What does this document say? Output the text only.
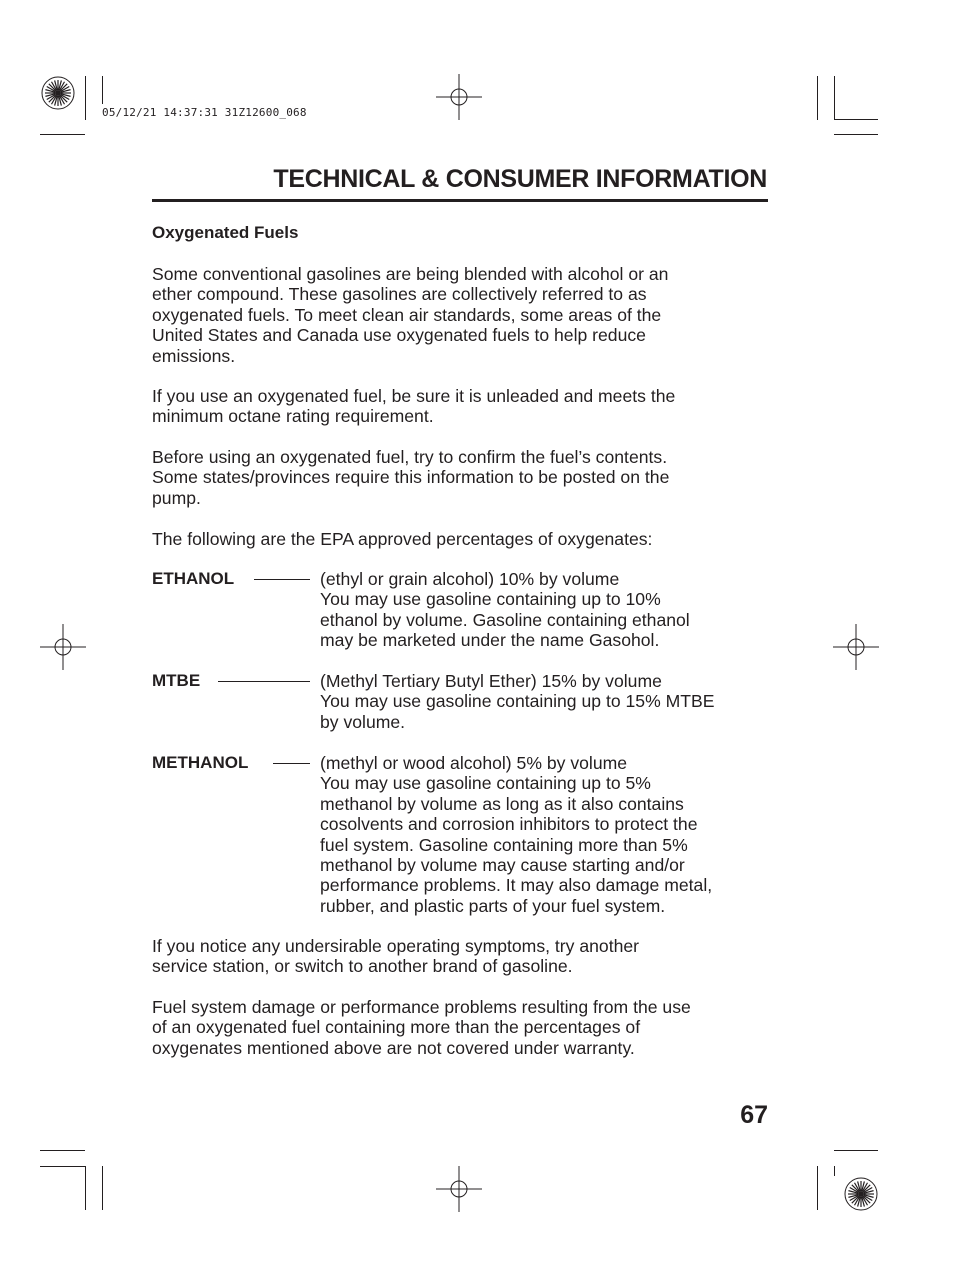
05/12/21 14:37:31 31Z12600_068
TECHNICAL & CONSUMER INFORMATION
Oxygenated Fuels
Some conventional gasolines are being blended with alcohol or an
ether compound. These gasolines are collectively referred to as
oxygenated fuels. To meet clean air standards, some areas of the
United States and Canada use oxygenated fuels to help reduce
emissions.
If you use an oxygenated fuel, be sure it is unleaded and meets the
minimum octane rating requirement.
Before using an oxygenated fuel, try to confirm the fuel’s contents.
Some states/provinces require this information to be posted on the
pump.
The following are the EPA approved percentages of oxygenates:
ETHANOL	(ethyl or grain alcohol) 10% by volume
You may use gasoline containing up to 10%
ethanol by volume. Gasoline containing ethanol
may be marketed under the name Gasohol.
MTBE	(Methyl Tertiary Butyl Ether) 15% by volume
You may use gasoline containing up to 15% MTBE
by volume.
METHANOL	(methyl or wood alcohol) 5% by volume
You may use gasoline containing up to 5%
methanol by volume as long as it also contains
cosolvents and corrosion inhibitors to protect the
fuel system. Gasoline containing more than 5%
methanol by volume may cause starting and/or
performance problems. It may also damage metal,
rubber, and plastic parts of your fuel system.
If you notice any undersirable operating symptoms, try another
service station, or switch to another brand of gasoline.
Fuel system damage or performance problems resulting from the use
of an oxygenated fuel containing more than the percentages of
oxygenates mentioned above are not covered under warranty.
67
